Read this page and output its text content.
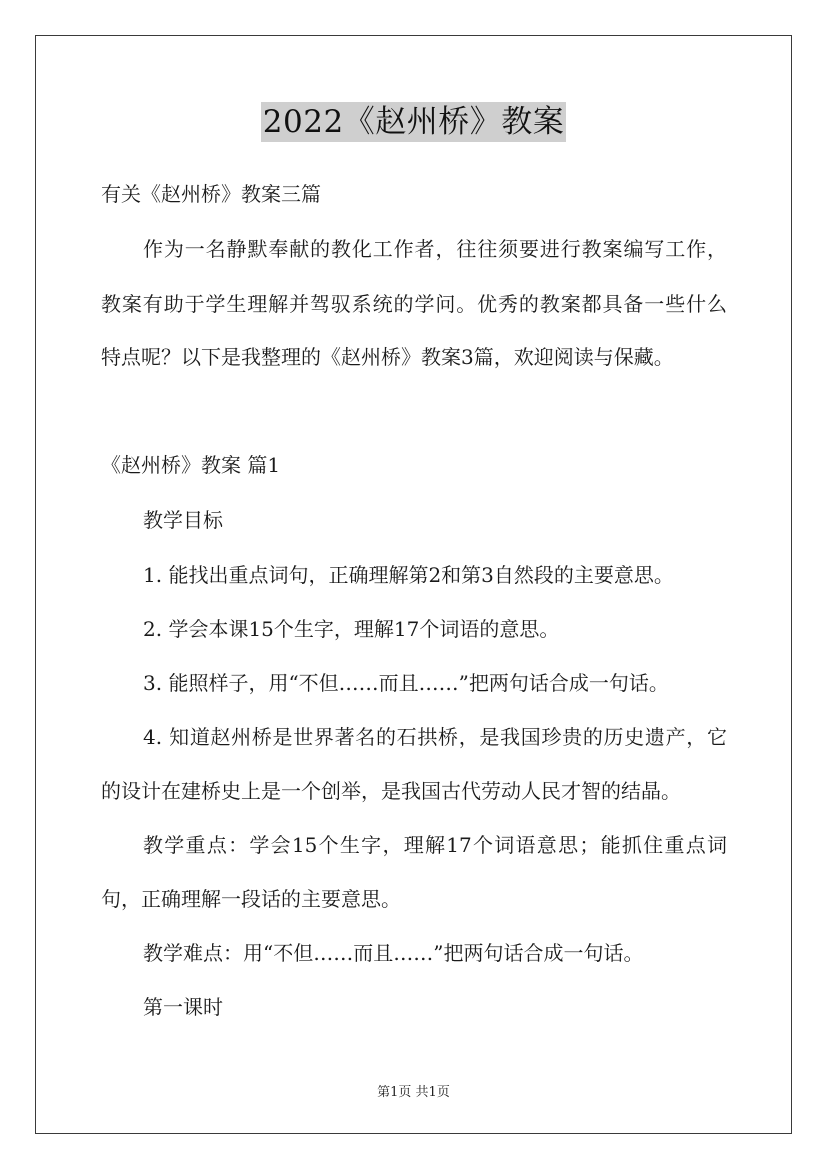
2022《赵州桥》教案
有关《赵州桥》教案三篇
作为一名静默奉献的教化工作者，往往须要进行教案编写工作，
教案有助于学生理解并驾驭系统的学问。优秀的教案都具备一些什么
特点呢？以下是我整理的《赵州桥》教案3篇，欢迎阅读与保藏。
《赵州桥》教案 篇1
教学目标
1. 能找出重点词句，正确理解第2和第3自然段的主要意思。
2. 学会本课15个生字，理解17个词语的意思。
3. 能照样子，用“不但……而且……”把两句话合成一句话。
4. 知道赵州桥是世界著名的石拱桥，是我国珍贵的历史遗产，它
的设计在建桥史上是一个创举，是我国古代劳动人民才智的结晶。
教学重点：学会15个生字，理解17个词语意思；能抓住重点词
句，正确理解一段话的主要意思。
教学难点：用“不但……而且……”把两句话合成一句话。
第一课时
第1页 共1页
